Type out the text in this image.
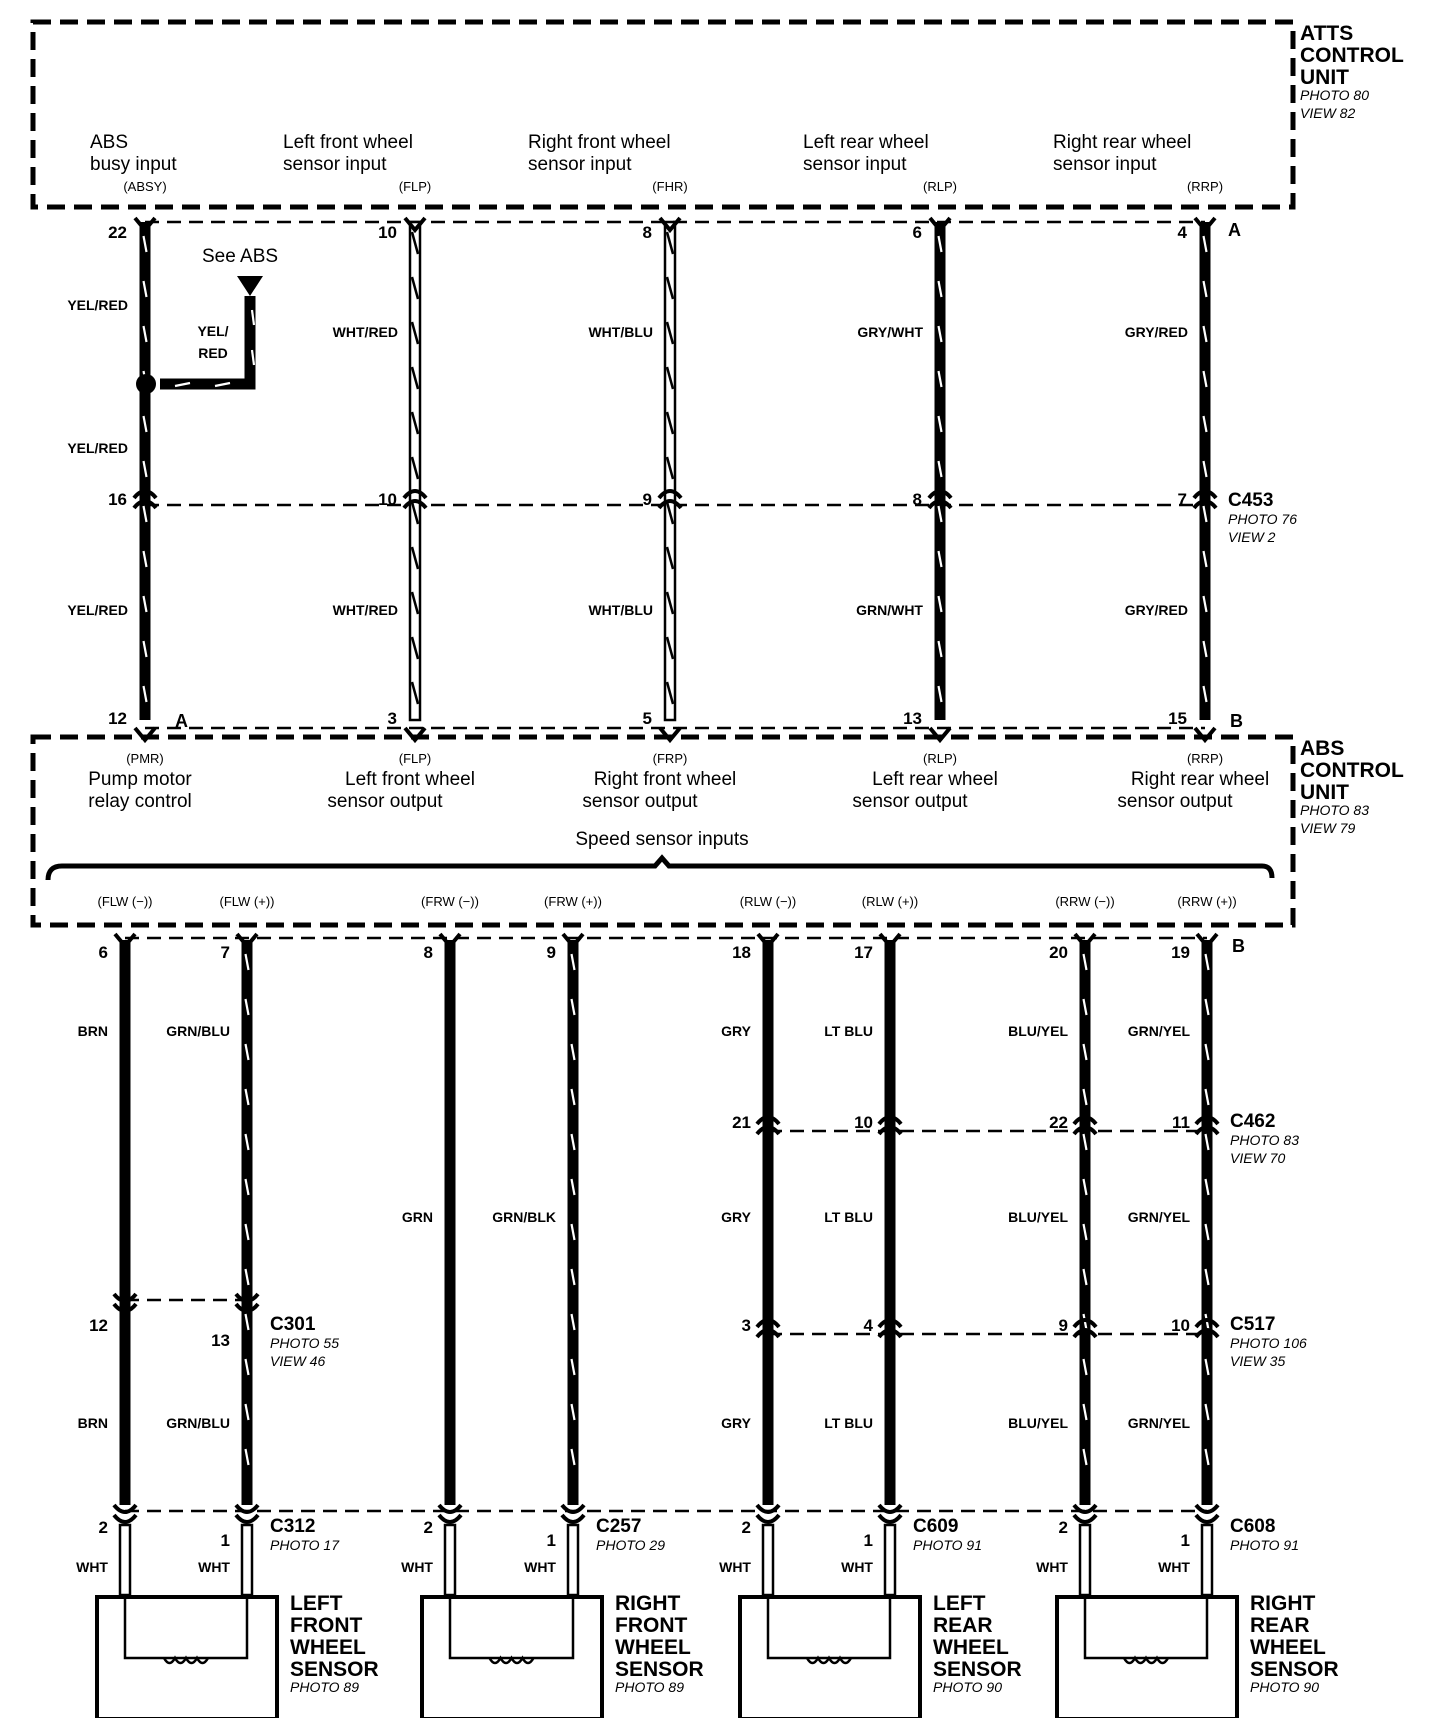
ATTS
CONTROL
UNIT
PHOTO 80
VIEW 82
ABS
busy input
(ABSY)
Left front wheel
sensor input
(FLP)
Right front wheel
sensor input
(FHR)
Left rear wheel
sensor input
(RLP)
Right rear wheel
sensor input
(RRP)
22
16
12
YEL/RED
YEL/RED
YEL/RED
10
10
3
WHT/RED
WHT/RED
8
9
5
WHT/BLU
WHT/BLU
6
8
13
GRY/WHT
GRN/WHT
4
7
15
GRY/RED
GRY/RED
A
A	B
See ABS
YEL/
RED
C453
PHOTO 76
VIEW 2
ABS
CONTROL
UNIT
PHOTO 83
VIEW 79
(PMR)
Pump motor
relay control
(FLP)
Left front wheel
sensor output
(FRP)
Right front wheel
sensor output
(RLP)
Left rear wheel
sensor output
(RRP)
Right rear wheel
sensor output
Speed sensor inputs
(FLW (−))	(FLW (+))	(FRW (−))	(FRW (+))	(RLW (−))	(RLW (+))	(RRW (−))	(RRW (+))
B
6
12
BRN
BRN
2
WHT
7
13
GRN/BLU
GRN/BLU
1
WHT
8
GRN
2
WHT
9
GRN/BLK
1
WHT
18
21
3
GRY
GRY
GRY
2
WHT
17
10
4
LT BLU
LT BLU
LT BLU
1
WHT
20
22
9
BLU/YEL
BLU/YEL
BLU/YEL
2
WHT
19
11
10
GRN/YEL
GRN/YEL
GRN/YEL
1
WHT
C301
PHOTO 55
VIEW 46
C462
PHOTO 83
VIEW 70
C517
PHOTO 106
VIEW 35
C312
PHOTO 17
C257
PHOTO 29
C609
PHOTO 91
C608
PHOTO 91
LEFT
FRONT
WHEEL
SENSOR
PHOTO 89
RIGHT
FRONT
WHEEL
SENSOR
PHOTO 89
LEFT
REAR
WHEEL
SENSOR
PHOTO 90
RIGHT
REAR
WHEEL
SENSOR
PHOTO 90
